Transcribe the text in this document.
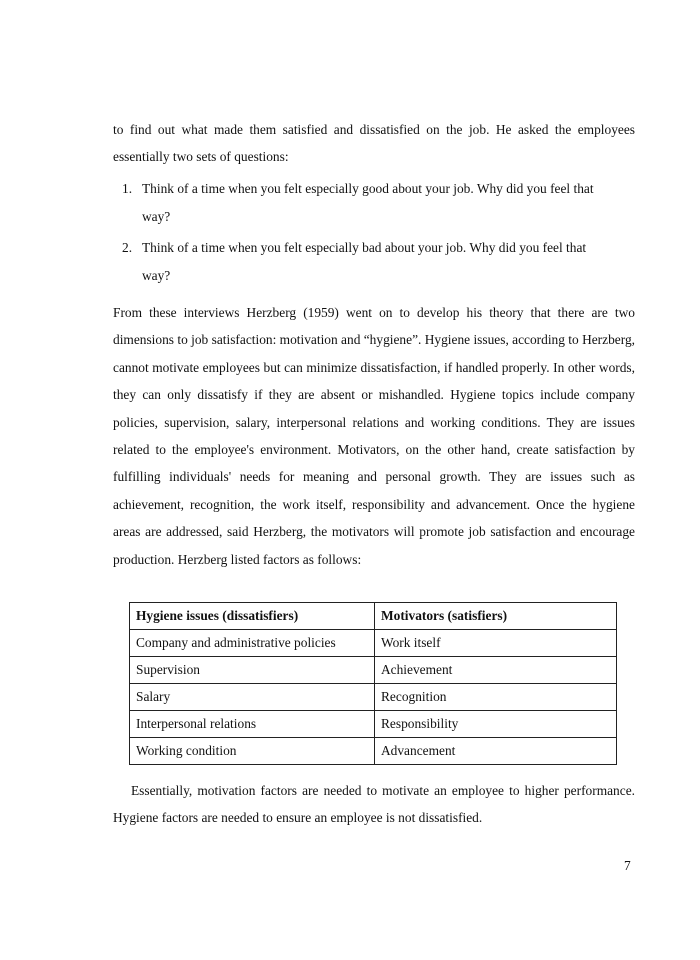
to find out what made them satisfied and dissatisfied on the job. He asked the employees essentially two sets of questions:

1. Think of a time when you felt especially good about your job. Why did you feel that way?
2. Think of a time when you felt especially bad about your job. Why did you feel that way?

From these interviews Herzberg (1959) went on to develop his theory that there are two dimensions to job satisfaction: motivation and “hygiene”. Hygiene issues, according to Herzberg, cannot motivate employees but can minimize dissatisfaction, if handled properly. In other words, they can only dissatisfy if they are absent or mishandled. Hygiene topics include company policies, supervision, salary, interpersonal relations and working conditions. They are issues related to the employee's environment. Motivators, on the other hand, create satisfaction by fulfilling individuals' needs for meaning and personal growth. They are issues such as achievement, recognition, the work itself, responsibility and advancement. Once the hygiene areas are addressed, said Herzberg, the motivators will promote job satisfaction and encourage production. Herzberg listed factors as follows:

Hygiene issues (dissatisfiers)	Motivators (satisfiers)
Company and administrative policies	Work itself
Supervision	Achievement
Salary	Recognition
Interpersonal relations	Responsibility
Working condition	Advancement

Essentially, motivation factors are needed to motivate an employee to higher performance. Hygiene factors are needed to ensure an employee is not dissatisfied.

7
